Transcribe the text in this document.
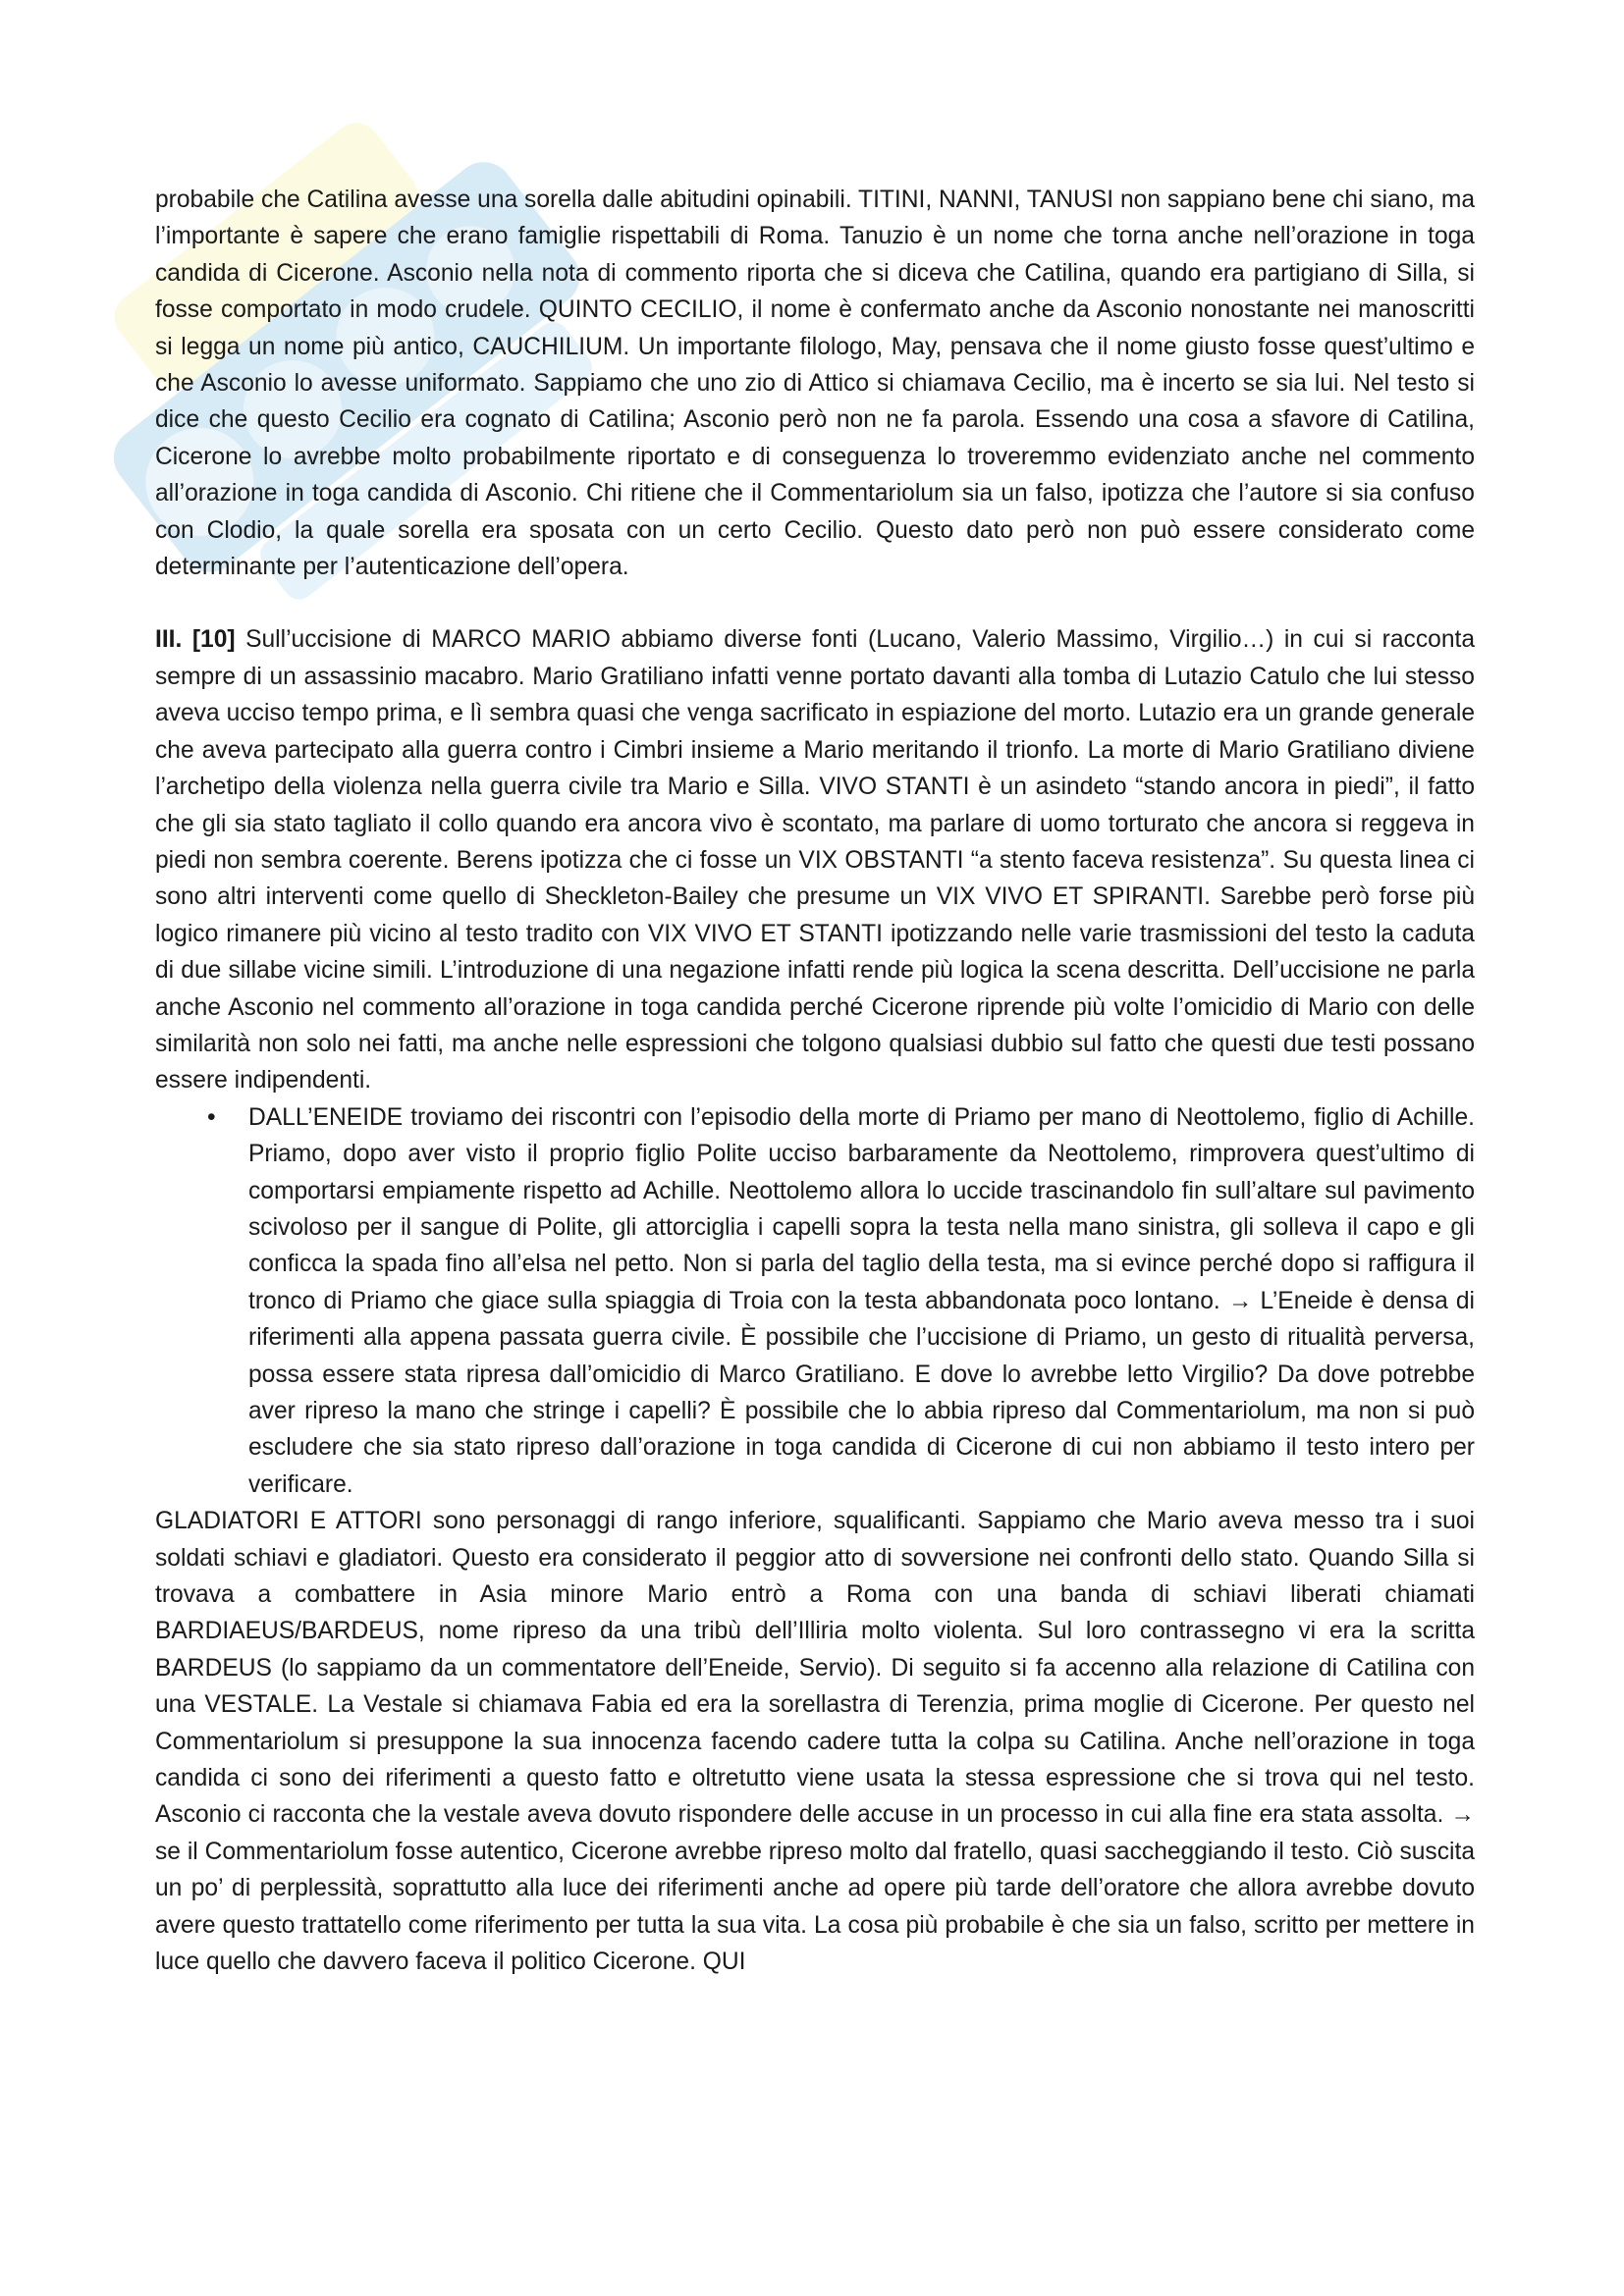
probabile che Catilina avesse una sorella dalle abitudini opinabili. TITINI, NANNI, TANUSI non sappiano bene chi siano, ma l’importante è sapere che erano famiglie rispettabili di Roma. Tanuzio è un nome che torna anche nell’orazione in toga candida di Cicerone. Asconio nella nota di commento riporta che si diceva che Catilina, quando era partigiano di Silla, si fosse comportato in modo crudele. QUINTO CECILIO, il nome è confermato anche da Asconio nonostante nei manoscritti si legga un nome più antico, CAUCHILIUM. Un importante filologo, May, pensava che il nome giusto fosse quest’ultimo e che Asconio lo avesse uniformato. Sappiamo che uno zio di Attico si chiamava Cecilio, ma è incerto se sia lui. Nel testo si dice che questo Cecilio era cognato di Catilina; Asconio però non ne fa parola. Essendo una cosa a sfavore di Catilina, Cicerone lo avrebbe molto probabilmente riportato e di conseguenza lo troveremmo evidenziato anche nel commento all’orazione in toga candida di Asconio. Chi ritiene che il Commentariolum sia un falso, ipotizza che l’autore si sia confuso con Clodio, la quale sorella era sposata con un certo Cecilio. Questo dato però non può essere considerato come determinante per l’autenticazione dell’opera.

III. [10] Sull’uccisione di MARCO MARIO abbiamo diverse fonti (Lucano, Valerio Massimo, Virgilio…) in cui si racconta sempre di un assassinio macabro. Mario Gratiliano infatti venne portato davanti alla tomba di Lutazio Catulo che lui stesso aveva ucciso tempo prima, e lì sembra quasi che venga sacrificato in espiazione del morto. Lutazio era un grande generale che aveva partecipato alla guerra contro i Cimbri insieme a Mario meritando il trionfo. La morte di Mario Gratiliano diviene l’archetipo della violenza nella guerra civile tra Mario e Silla. VIVO STANTI è un asindeto “stando ancora in piedi”, il fatto che gli sia stato tagliato il collo quando era ancora vivo è scontato, ma parlare di uomo torturato che ancora si reggeva in piedi non sembra coerente. Berens ipotizza che ci fosse un VIX OBSTANTI “a stento faceva resistenza”. Su questa linea ci sono altri interventi come quello di Sheckleton-Bailey che presume un VIX VIVO ET SPIRANTI. Sarebbe però forse più logico rimanere più vicino al testo tradito con VIX VIVO ET STANTI ipotizzando nelle varie trasmissioni del testo la caduta di due sillabe vicine simili. L’introduzione di una negazione infatti rende più logica la scena descritta. Dell’uccisione ne parla anche Asconio nel commento all’orazione in toga candida perché Cicerone riprende più volte l’omicidio di Mario con delle similarità non solo nei fatti, ma anche nelle espressioni che tolgono qualsiasi dubbio sul fatto che questi due testi possano essere indipendenti.

• DALL’ENEIDE troviamo dei riscontri con l’episodio della morte di Priamo per mano di Neottolemo, figlio di Achille. Priamo, dopo aver visto il proprio figlio Polite ucciso barbaramente da Neottolemo, rimprovera quest’ultimo di comportarsi empiamente rispetto ad Achille. Neottolemo allora lo uccide trascinandolo fin sull’altare sul pavimento scivoloso per il sangue di Polite, gli attorciglia i capelli sopra la testa nella mano sinistra, gli solleva il capo e gli conficca la spada fino all’elsa nel petto. Non si parla del taglio della testa, ma si evince perché dopo si raffigura il tronco di Priamo che giace sulla spiaggia di Troia con la testa abbandonata poco lontano. → L’Eneide è densa di riferimenti alla appena passata guerra civile. È possibile che l’uccisione di Priamo, un gesto di ritualità perversa, possa essere stata ripresa dall’omicidio di Marco Gratiliano. E dove lo avrebbe letto Virgilio? Da dove potrebbe aver ripreso la mano che stringe i capelli? È possibile che lo abbia ripreso dal Commentariolum, ma non si può escludere che sia stato ripreso dall’orazione in toga candida di Cicerone di cui non abbiamo il testo intero per verificare.

GLADIATORI E ATTORI sono personaggi di rango inferiore, squalificanti. Sappiamo che Mario aveva messo tra i suoi soldati schiavi e gladiatori. Questo era considerato il peggior atto di sovversione nei confronti dello stato. Quando Silla si trovava a combattere in Asia minore Mario entrò a Roma con una banda di schiavi liberati chiamati BARDIAEUS/BARDEUS, nome ripreso da una tribù dell’Illiria molto violenta. Sul loro contrassegno vi era la scritta BARDEUS (lo sappiamo da un commentatore dell’Eneide, Servio). Di seguito si fa accenno alla relazione di Catilina con una VESTALE. La Vestale si chiamava Fabia ed era la sorellastra di Terenzia, prima moglie di Cicerone. Per questo nel Commentariolum si presuppone la sua innocenza facendo cadere tutta la colpa su Catilina. Anche nell’orazione in toga candida ci sono dei riferimenti a questo fatto e oltretutto viene usata la stessa espressione che si trova qui nel testo. Asconio ci racconta che la vestale aveva dovuto rispondere delle accuse in un processo in cui alla fine era stata assolta. → se il Commentariolum fosse autentico, Cicerone avrebbe ripreso molto dal fratello, quasi saccheggiando il testo. Ciò suscita un po’ di perplessità, soprattutto alla luce dei riferimenti anche ad opere più tarde dell’oratore che allora avrebbe dovuto avere questo trattatello come riferimento per tutta la sua vita. La cosa più probabile è che sia un falso, scritto per mettere in luce quello che davvero faceva il politico Cicerone. QUI
